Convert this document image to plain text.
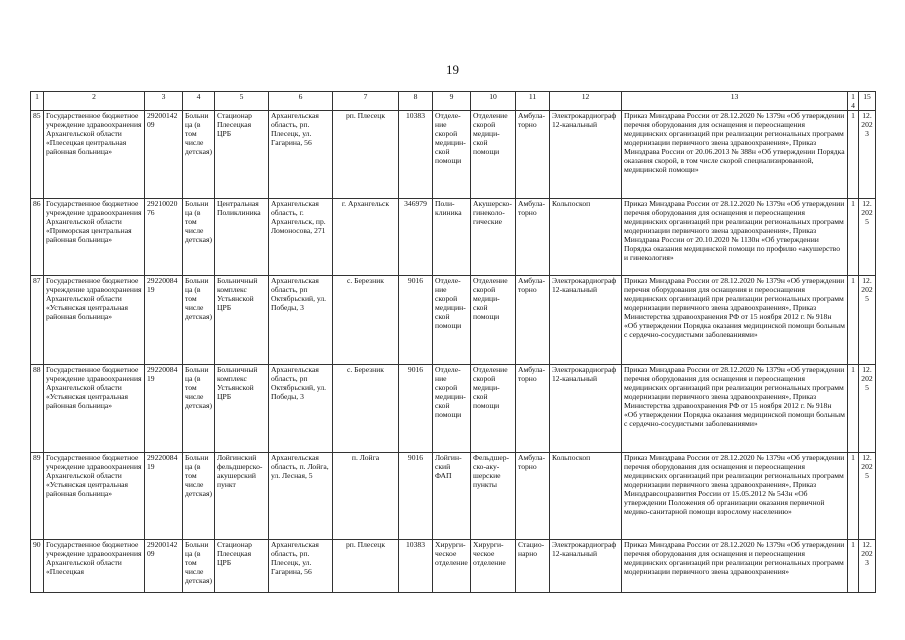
19
1	2	3	4	5	6	7	8	9	10	11	12	13	14	15
85	Государственное бюджетное учреждение здравоохранения Архангельской области «Плесецкая центральная районная больница»	2920014209	Больница (в том числе детская)	Стационар Плесецкая ЦРБ	Архангельская область, рп. Плесецк, ул. Гагарина, 56	рп. Плесецк	10383	Отделе-ние скорой медицин-ской помощи	Отделение скорой медици-ской помощи	Амбула-торно	Электрокардиограф 12-канальный	Приказ Минздрава России от 28.12.2020 № 1379н «Об утверждении перечня оборудования для оснащения и переоснащения медицинских организаций при реализации региональных программ модернизации первичного звена здравоохранения», Приказ Минздрава России от 20.06.2013 № 388н «Об утверждении Порядка оказания скорой, в том числе скорой специализированной, медицинской помощи»	1	12.2023
86	Государственное бюджетное учреждение здравоохранения Архангельской области «Приморская центральная районная больница»	2921002076	Больница (в том числе детская)	Центральная Поликлиника	Архангельская область, г. Архангельск, пр. Ломоносова, 271	г. Архангельск	346979	Поли-клиника	Акушерско-гинеколо-гические	Амбула-торно	Кольпоскоп	Приказ Минздрава России от 28.12.2020 № 1379н «Об утверждении перечня оборудования для оснащения и переоснащения медицинских организаций при реализации региональных программ модернизации первичного звена здравоохранения», Приказ Минздрава России от 20.10.2020 № 1130н «Об утверждении Порядка оказания медицинской помощи по профилю «акушерство и гинекология»	1	12.2025
87	Государственное бюджетное учреждение здравоохранения Архангельской области «Устьянская центральная районная больница»	2922008419	Больница (в том числе детская)	Больничный комплекс Устьянской ЦРБ	Архангельская область, рп Октябрьский, ул. Победы, 3	с. Березник	9016	Отделе-ние скорой медицин-ской помощи	Отделение скорой медици-ской помощи	Амбула-торно	Электрокардиограф 12-канальный	Приказ Минздрава России от 28.12.2020 № 1379н «Об утверждении перечня оборудования для оснащения и переоснащения медицинских организаций при реализации региональных программ модернизации первичного звена здравоохранения», Приказ Министерства здравоохранения РФ от 15 ноября 2012 г. № 918н «Об утверждении Порядка оказания медицинской помощи больным с сердечно-сосудистыми заболеваниями»	1	12.2025
88	Государственное бюджетное учреждение здравоохранения Архангельской области «Устьянская центральная районная больница»	2922008419	Больница (в том числе детская)	Больничный комплекс Устьянской ЦРБ	Архангельская область, рп Октябрьский, ул. Победы, 3	с. Березник	9016	Отделе-ние скорой медицин-ской помощи	Отделение скорой медици-ской помощи	Амбула-торно	Электрокардиограф 12-канальный	Приказ Минздрава России от 28.12.2020 № 1379н «Об утверждении перечня оборудования для оснащения и переоснащения медицинских организаций при реализации региональных программ модернизации первичного звена здравоохранения», Приказ Министерства здравоохранения РФ от 15 ноября 2012 г. № 918н «Об утверждении Порядка оказания медицинской помощи больным с сердечно-сосудистыми заболеваниями»	1	12.2025
89	Государственное бюджетное учреждение здравоохранения Архангельской области «Устьянская центральная районная больница»	2922008419	Больница (в том числе детская)	Лойгинский фельдшерско-акушерский пункт	Архангельская область, п. Лойга, ул. Лесная, 5	п. Лойга	9016	Лойгин-ский ФАП	Фельдшер-ско-аку-шерские пункты	Амбула-торно	Кольпоскоп	Приказ Минздрава России от 28.12.2020 № 1379н «Об утверждении перечня оборудования для оснащения и переоснащения медицинских организаций при реализации региональных программ модернизации первичного звена здравоохранения», Приказ Минздравсоцразвития России от 15.05.2012 № 543н «Об утверждении Положения об организации оказания первичной медико-санитарной помощи взрослому населению»	1	12.2025
90	Государственное бюджетное учреждение здравоохранения Архангельской области «Плесецкая	2920014209	Больница (в том числе детская)	Стационар Плесецкая ЦРБ	Архангельская область, рп. Плесецк, ул. Гагарина, 56	рп. Плесецк	10383	Хирурги-ческое отделение	Хирурги-ческое отделение	Стацио-нарно	Электрокардиограф 12-канальный	Приказ Минздрава России от 28.12.2020 № 1379н «Об утверждении перечня оборудования для оснащения и переоснащения медицинских организаций при реализации региональных программ модернизации первичного звена здравоохранения»	1	12.2023
